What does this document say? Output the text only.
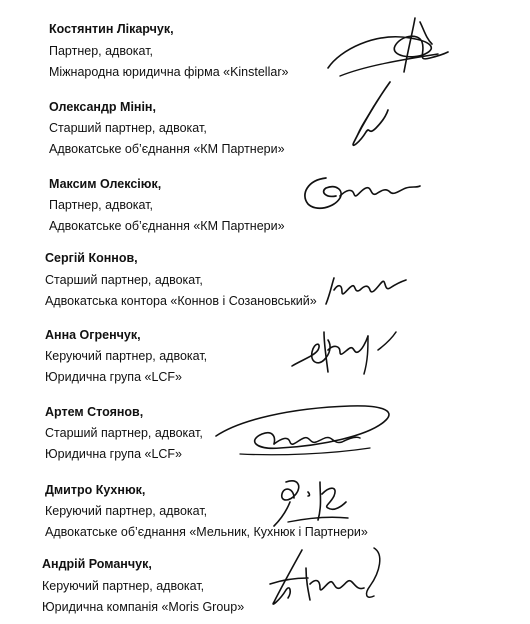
Костянтин Лікарчук,
Партнер, адвокат,
Міжнародна юридична фірма «Kinstellar»
Олександр Мінін,
Старший партнер, адвокат,
Адвокатське об’єднання «КМ Партнери»
Максим Олексіюк,
Партнер, адвокат,
Адвокатське об’єднання «КМ Партнери»
Сергій Коннов,
Старший партнер, адвокат,
Адвокатська контора «Коннов і Созановський»
Анна Огренчук,
Керуючий партнер, адвокат,
Юридична група «LCF»
Артем Стоянов,
Старший партнер, адвокат,
Юридична група «LCF»
Дмитро Кухнюк,
Керуючий партнер, адвокат,
Адвокатське об’єднання «Мельник, Кухнюк і Партнери»
Андрій Романчук,
Керуючий партнер, адвокат,
Юридична компанія «Moris Group»
